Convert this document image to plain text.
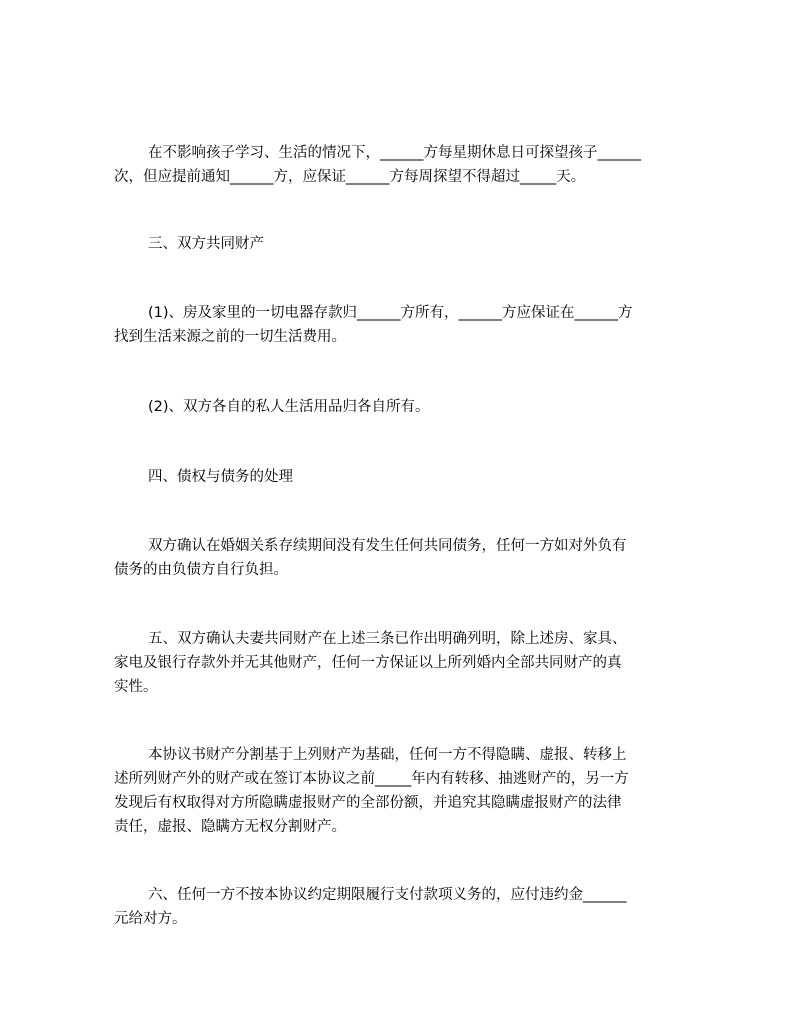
在不影响孩子学习、生活的情况下，______方每星期休息日可探望孩子______
次，但应提前通知______方，应保证______方每周探望不得超过_____天。
三、双方共同财产
(1)、房及家里的一切电器存款归______方所有，______方应保证在______方
找到生活来源之前的一切生活费用。
(2)、双方各自的私人生活用品归各自所有。
四、债权与债务的处理
双方确认在婚姻关系存续期间没有发生任何共同债务，任何一方如对外负有
债务的由负债方自行负担。
五、双方确认夫妻共同财产在上述三条已作出明确列明，除上述房、家具、
家电及银行存款外并无其他财产，任何一方保证以上所列婚内全部共同财产的真
实性。
本协议书财产分割基于上列财产为基础，任何一方不得隐瞒、虚报、转移上
述所列财产外的财产或在签订本协议之前_____年内有转移、抽逃财产的，另一方
发现后有权取得对方所隐瞒虚报财产的全部份额，并追究其隐瞒虚报财产的法律
责任，虚报、隐瞒方无权分割财产。
六、任何一方不按本协议约定期限履行支付款项义务的，应付违约金______
元给对方。
